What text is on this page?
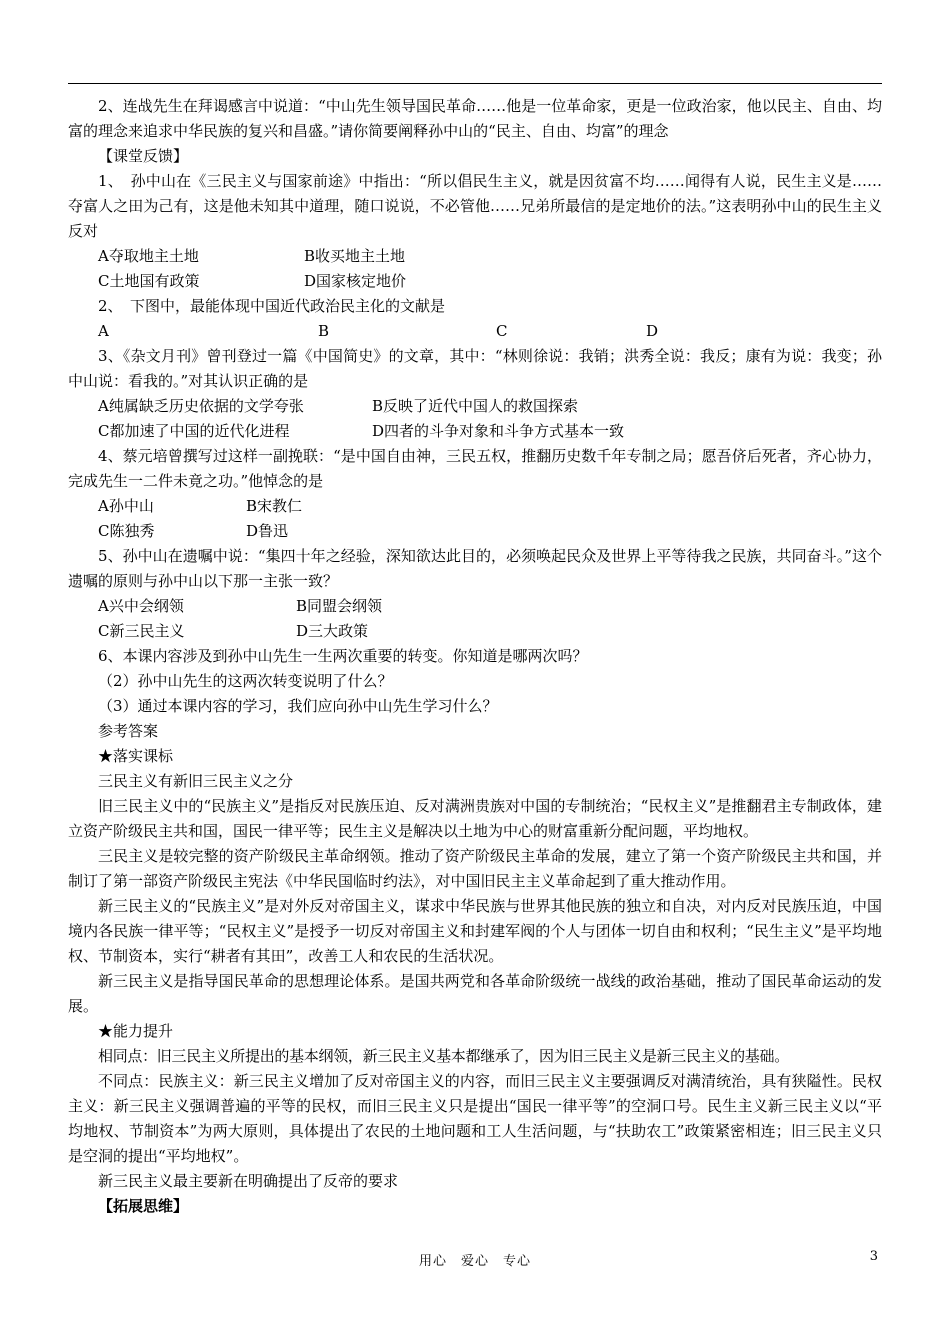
2、连战先生在拜谒感言中说道：“中山先生领导国民革命……他是一位革命家，更是一位政治家，他以民主、自由、均富的理念来追求中华民族的复兴和昌盛。”请你简要阐释孙中山的“民主、自由、均富”的理念

【课堂反馈】

1、　孙中山在《三民主义与国家前途》中指出：“所以倡民生主义，就是因贫富不均……闻得有人说，民生主义是……夺富人之田为己有，这是他未知其中道理，随口说说，不必管他……兄弟所最信的是定地价的法。”这表明孙中山的民生主义反对

A夺取地主土地	B收买地主土地
C土地国有政策	D国家核定地价

2、　下图中，最能体现中国近代政治民主化的文献是

A	B	C	D

3、《杂文月刊》曾刊登过一篇《中国简史》的文章，其中：“林则徐说：我销；洪秀全说：我反；康有为说：我变；孙中山说：看我的。”对其认识正确的是

A纯属缺乏历史依据的文学夸张	B反映了近代中国人的救国探索
C都加速了中国的近代化进程	D四者的斗争对象和斗争方式基本一致

4、蔡元培曾撰写过这样一副挽联：“是中国自由神，三民五权，推翻历史数千年专制之局；愿吾侪后死者，齐心协力，完成先生一二件未竟之功。”他悼念的是

A孙中山	B宋教仁
C陈独秀	D鲁迅

5、孙中山在遗嘱中说：“集四十年之经验，深知欲达此目的，必须唤起民众及世界上平等待我之民族，共同奋斗。”这个遗嘱的原则与孙中山以下那一主张一致？

A兴中会纲领	B同盟会纲领
C新三民主义	D三大政策

6、本课内容涉及到孙中山先生一生两次重要的转变。你知道是哪两次吗？

（2）孙中山先生的这两次转变说明了什么？

（3）通过本课内容的学习，我们应向孙中山先生学习什么？

参考答案

★落实课标

三民主义有新旧三民主义之分

旧三民主义中的“民族主义”是指反对民族压迫、反对满洲贵族对中国的专制统治；“民权主义”是推翻君主专制政体，建立资产阶级民主共和国，国民一律平等；民生主义是解决以土地为中心的财富重新分配问题，平均地权。

三民主义是较完整的资产阶级民主革命纲领。推动了资产阶级民主革命的发展，建立了第一个资产阶级民主共和国，并制订了第一部资产阶级民主宪法《中华民国临时约法》，对中国旧民主主义革命起到了重大推动作用。

新三民主义的“民族主义”是对外反对帝国主义，谋求中华民族与世界其他民族的独立和自决，对内反对民族压迫，中国境内各民族一律平等；“民权主义”是授予一切反对帝国主义和封建军阀的个人与团体一切自由和权利；“民生主义”是平均地权、节制资本，实行“耕者有其田”，改善工人和农民的生活状况。

新三民主义是指导国民革命的思想理论体系。是国共两党和各革命阶级统一战线的政治基础，推动了国民革命运动的发展。

★能力提升

相同点：旧三民主义所提出的基本纲领，新三民主义基本都继承了，因为旧三民主义是新三民主义的基础。

不同点：民族主义：新三民主义增加了反对帝国主义的内容，而旧三民主义主要强调反对满清统治，具有狭隘性。民权主义：新三民主义强调普遍的平等的民权，而旧三民主义只是提出“国民一律平等”的空洞口号。民生主义新三民主义以“平均地权、节制资本”为两大原则，具体提出了农民的土地问题和工人生活问题，与“扶助农工”政策紧密相连；旧三民主义只是空洞的提出“平均地权”。

新三民主义最主要新在明确提出了反帝的要求

【拓展思维】

用心　爱心　专心	3
